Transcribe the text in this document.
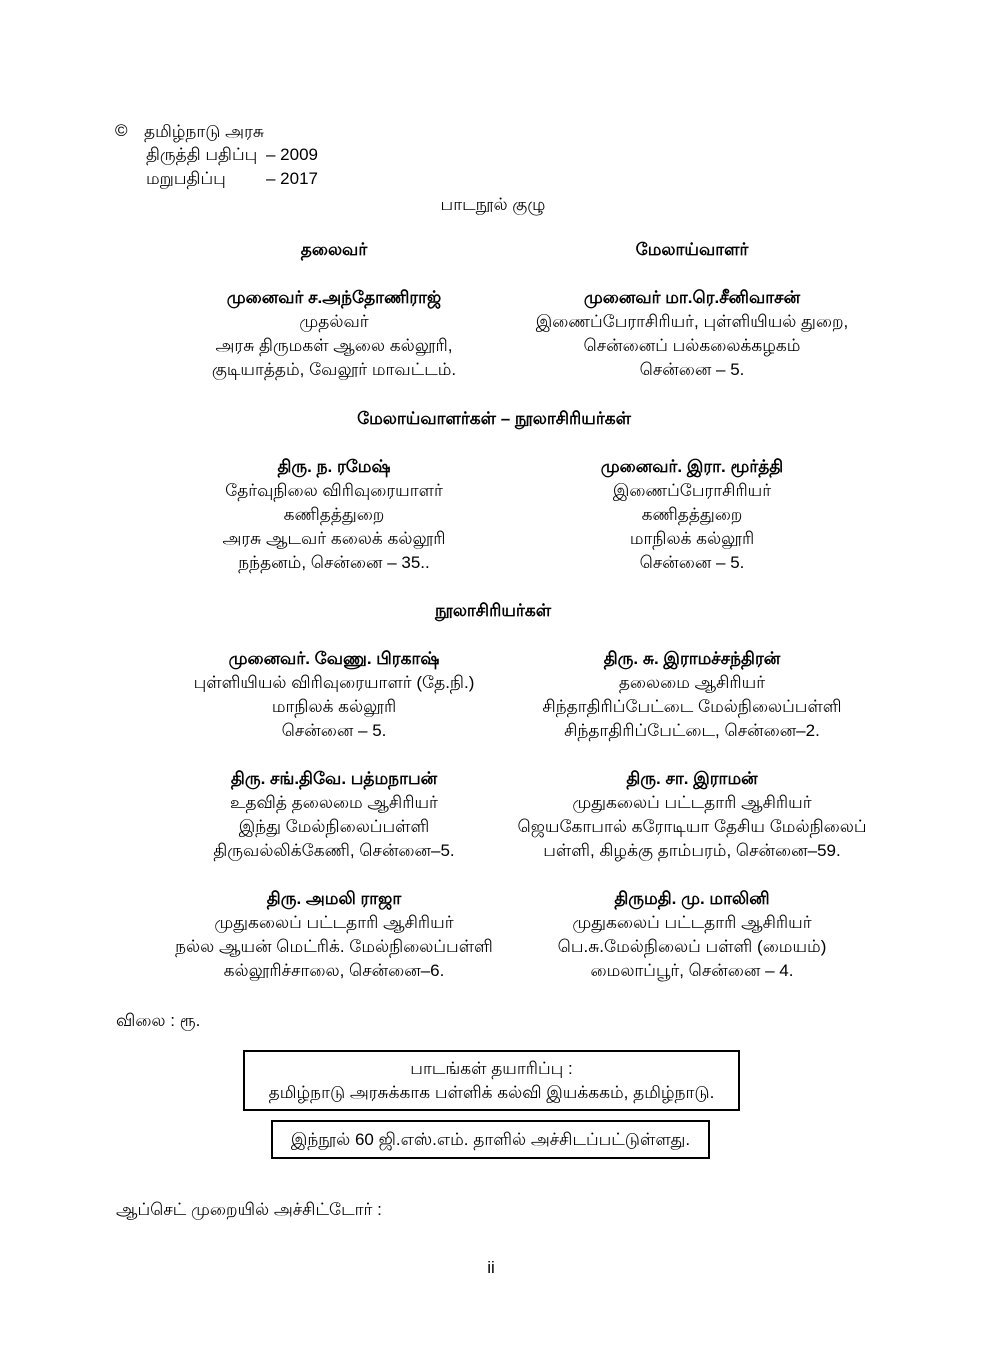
© தமிழ்நாடு அரசு
திருத்தி பதிப்பு – 2009
மறுபதிப்பு – 2017
பாடநூல் குழு
தலைவர்
முனைவர் ச.அந்தோணிராஜ்
முதல்வர்
அரசு திருமகள் ஆலை கல்லூரி,
குடியாத்தம், வேலூர் மாவட்டம்.
மேலாய்வாளர்
முனைவர் மா.ரெ.சீனிவாசன்
இணைப்பேராசிரியர், புள்ளியியல் துறை,
சென்னைப் பல்கலைக்கழகம்
சென்னை – 5.
மேலாய்வாளர்கள் – நூலாசிரியர்கள்
திரு. ந. ரமேஷ்
தேர்வுநிலை விரிவுரையாளர்
கணிதத்துறை
அரசு ஆடவர் கலைக் கல்லூரி
நந்தனம், சென்னை – 35..
முனைவர். இரா. மூர்த்தி
இணைப்பேராசிரியர்
கணிதத்துறை
மாநிலக் கல்லூரி
சென்னை – 5.
நூலாசிரியர்கள்
முனைவர். வேணு. பிரகாஷ்
புள்ளியியல் விரிவுரையாளர் (தே.நி.)
மாநிலக் கல்லூரி
சென்னை – 5.
திரு. சு. இராமச்சந்திரன்
தலைமை ஆசிரியர்
சிந்தாதிரிப்பேட்டை மேல்நிலைப்பள்ளி
சிந்தாதிரிப்பேட்டை, சென்னை–2.
திரு. சங்.திவே. பத்மநாபன்
உதவித் தலைமை ஆசிரியர்
இந்து மேல்நிலைப்பள்ளி
திருவல்லிக்கேணி, சென்னை–5.
திரு. சா. இராமன்
முதுகலைப் பட்டதாரி ஆசிரியர்
ஜெயகோபால் கரோடியா தேசிய மேல்நிலைப்
பள்ளி, கிழக்கு தாம்பரம், சென்னை–59.
திரு. அமலி ராஜா
முதுகலைப் பட்டதாரி ஆசிரியர்
நல்ல ஆயன் மெட்ரிக். மேல்நிலைப்பள்ளி
கல்லூரிச்சாலை, சென்னை–6.
திருமதி. மு. மாலினி
முதுகலைப் பட்டதாரி ஆசிரியர்
பெ.சு.மேல்நிலைப் பள்ளி (மையம்)
மைலாப்பூர், சென்னை – 4.
விலை : ரூ.
பாடங்கள் தயாரிப்பு :
தமிழ்நாடு அரசுக்காக பள்ளிக் கல்வி இயக்ககம், தமிழ்நாடு.
இந்நூல் 60 ஜி.எஸ்.எம். தாளில் அச்சிடப்பட்டுள்ளது.
ஆப்செட் முறையில் அச்சிட்டோர் :
ii
